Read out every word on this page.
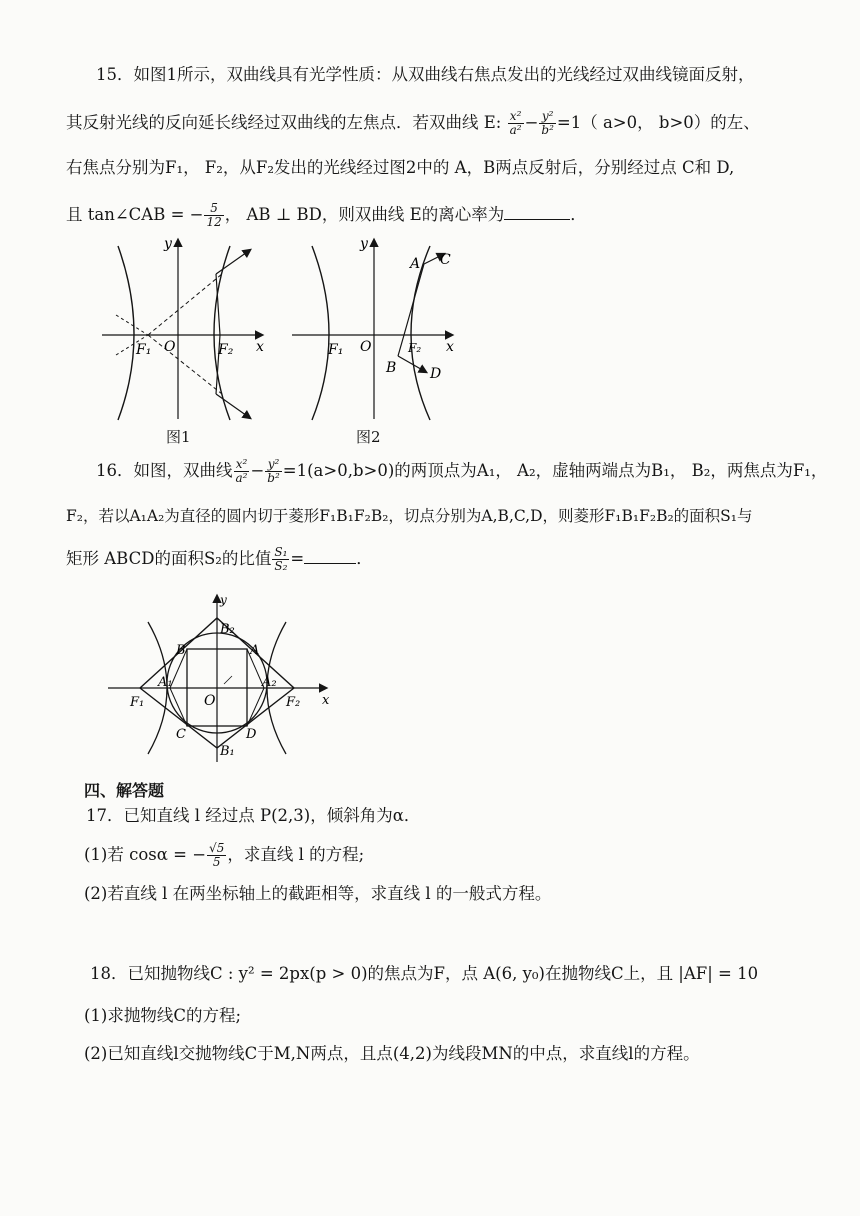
15．如图1所示，双曲线具有光学性质：从双曲线右焦点发出的光线经过双曲线镜面反射，
其反射光线的反向延长线经过双曲线的左焦点．若双曲线 E: $\frac{\text{x²}}{\text{a²}} - \frac{\text{y²}}{\text{b²}} =1$（ a>0， b>0）的左、
右焦点分别为F₁， F₂，从F₂发出的光线经过图2中的 A，B两点反射后，分别经过点 C和 D,
且 tan∠CAB = − $\frac{5}{12}$ ， AB ⊥ BD，则双曲线 E的离心率为	．
y
x
O
F₁	F₂
图1
y
x
O
F₁	F₂
A C
B D
图2
16．如图，双曲线 $\frac{\text{x²}}{\text{a²}} - \frac{\text{y²}}{\text{b²}} =1(a>0,b>0)$的两顶点为A₁， A₂，虚轴两端点为B₁， B₂，两焦点为F₁，
F₂，若以A₁A₂为直径的圆内切于菱形F₁B₁F₂B₂，切点分别为A,B,C,D，则菱形F₁B₁F₂B₂的面积S₁与
矩形 ABCD的面积S₂的比值 $\frac{\text{S₁}}{\text{S₂}}$ =	．
y
x
O
F₁	F₂
B₂
B₁
B	A
C	D
A₁	A₂
四、解答题
17．已知直线 l 经过点 P(2,3)，倾斜角为α．
(1)若 cosα = − $\frac{√5}{5}$ ，求直线 l 的方程;
(2)若直线 l 在两坐标轴上的截距相等，求直线 l 的一般式方程。
18．已知抛物线C : y² = 2px(p > 0)的焦点为F，点 A(6, y₀)在抛物线C上，且 |AF| = 10
(1)求抛物线C的方程;
(2)已知直线l交抛物线C于M,N两点，且点(4,2)为线段MN的中点，求直线l的方程。
